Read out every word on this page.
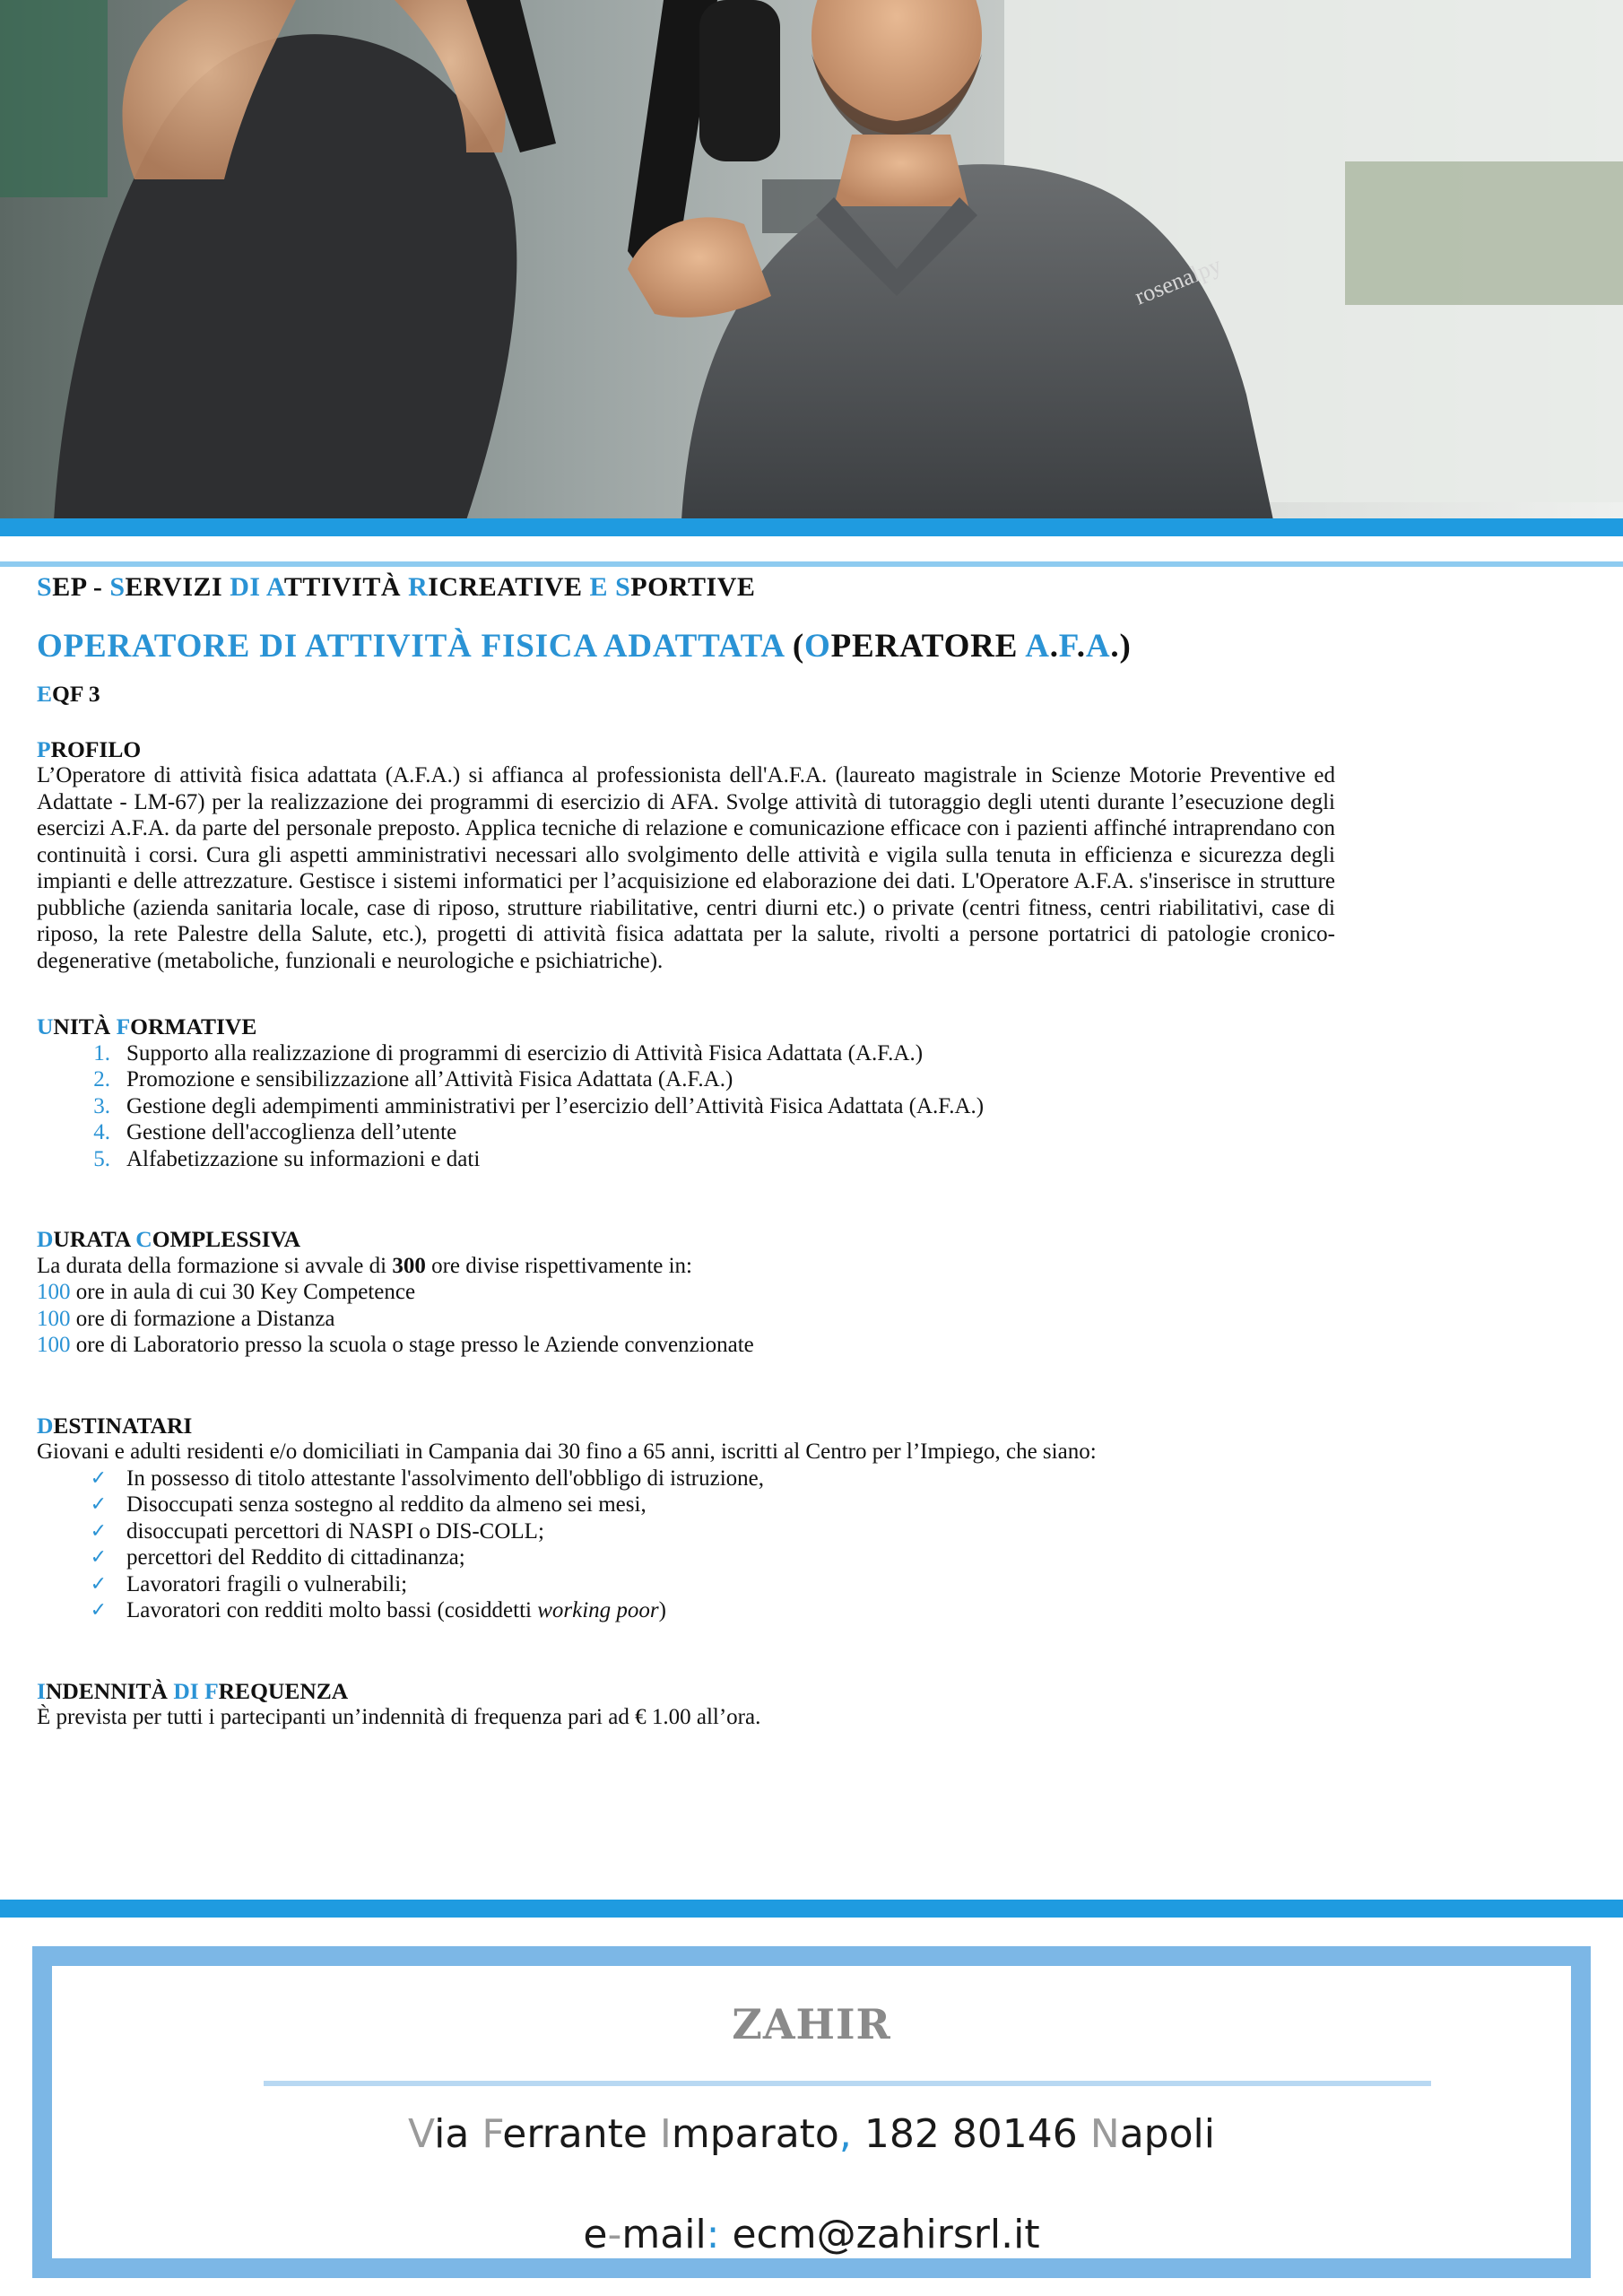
rosenalpy
SEP - SERVIZI DI ATTIVITÀ RICREATIVE E SPORTIVE
OPERATORE DI ATTIVITÀ FISICA ADATTATA (OPERATORE A.F.A.)
EQF 3
PROFILO

L’Operatore di attività fisica adattata (A.F.A.) si affianca al professionista dell'A.F.A. (laureato magistrale in Scienze Motorie Preventive ed Adattate - LM-67) per la realizzazione dei programmi di esercizio di AFA. Svolge attività di tutoraggio degli utenti durante l’esecuzione degli esercizi A.F.A. da parte del personale preposto. Applica tecniche di relazione e comunicazione efficace con i pazienti affinché intraprendano con continuità i corsi. Cura gli aspetti amministrativi necessari allo svolgimento delle attività e vigila sulla tenuta in efficienza e sicurezza degli impianti e delle attrezzature. Gestisce i sistemi informatici per l’acquisizione ed elaborazione dei dati. L'Operatore A.F.A. s'inserisce in strutture pubbliche (azienda sanitaria locale, case di riposo, strutture riabilitative, centri diurni etc.) o private (centri fitness, centri riabilitativi, case di riposo, la rete Palestre della Salute, etc.), progetti di attività fisica adattata per la salute, rivolti a persone portatrici di patologie cronico-degenerative (metaboliche, funzionali e neurologiche e psichiatriche).

UNITÀ FORMATIVE
1. Supporto alla realizzazione di programmi di esercizio di Attività Fisica Adattata (A.F.A.)
2. Promozione e sensibilizzazione all’Attività Fisica Adattata (A.F.A.)
3. Gestione degli adempimenti amministrativi per l’esercizio dell’Attività Fisica Adattata (A.F.A.)
4. Gestione dell'accoglienza dell’utente
5. Alfabetizzazione su informazioni e dati
DURATA COMPLESSIVA
La durata della formazione si avvale di 300 ore divise rispettivamente in:
100 ore in aula di cui 30 Key Competence
100 ore di formazione a Distanza
100 ore di Laboratorio presso la scuola o stage presso le Aziende convenzionate
DESTINATARI
Giovani e adulti residenti e/o domiciliati in Campania dai 30 fino a 65 anni, iscritti al Centro per l’Impiego, che siano:
✓ In possesso di titolo attestante l'assolvimento dell'obbligo di istruzione,
✓ Disoccupati senza sostegno al reddito da almeno sei mesi,
✓ disoccupati percettori di NASPI o DIS-COLL;
✓ percettori del Reddito di cittadinanza;
✓ Lavoratori fragili o vulnerabili;
✓ Lavoratori con redditi molto bassi (cosiddetti working poor)
INDENNITÀ DI FREQUENZA
È prevista per tutti i partecipanti un’indennità di frequenza pari ad € 1.00 all’ora.
ZAHIR
Via Ferrante Imparato, 182 80146 Napoli
e-mail: ecm@zahirsrl.it
